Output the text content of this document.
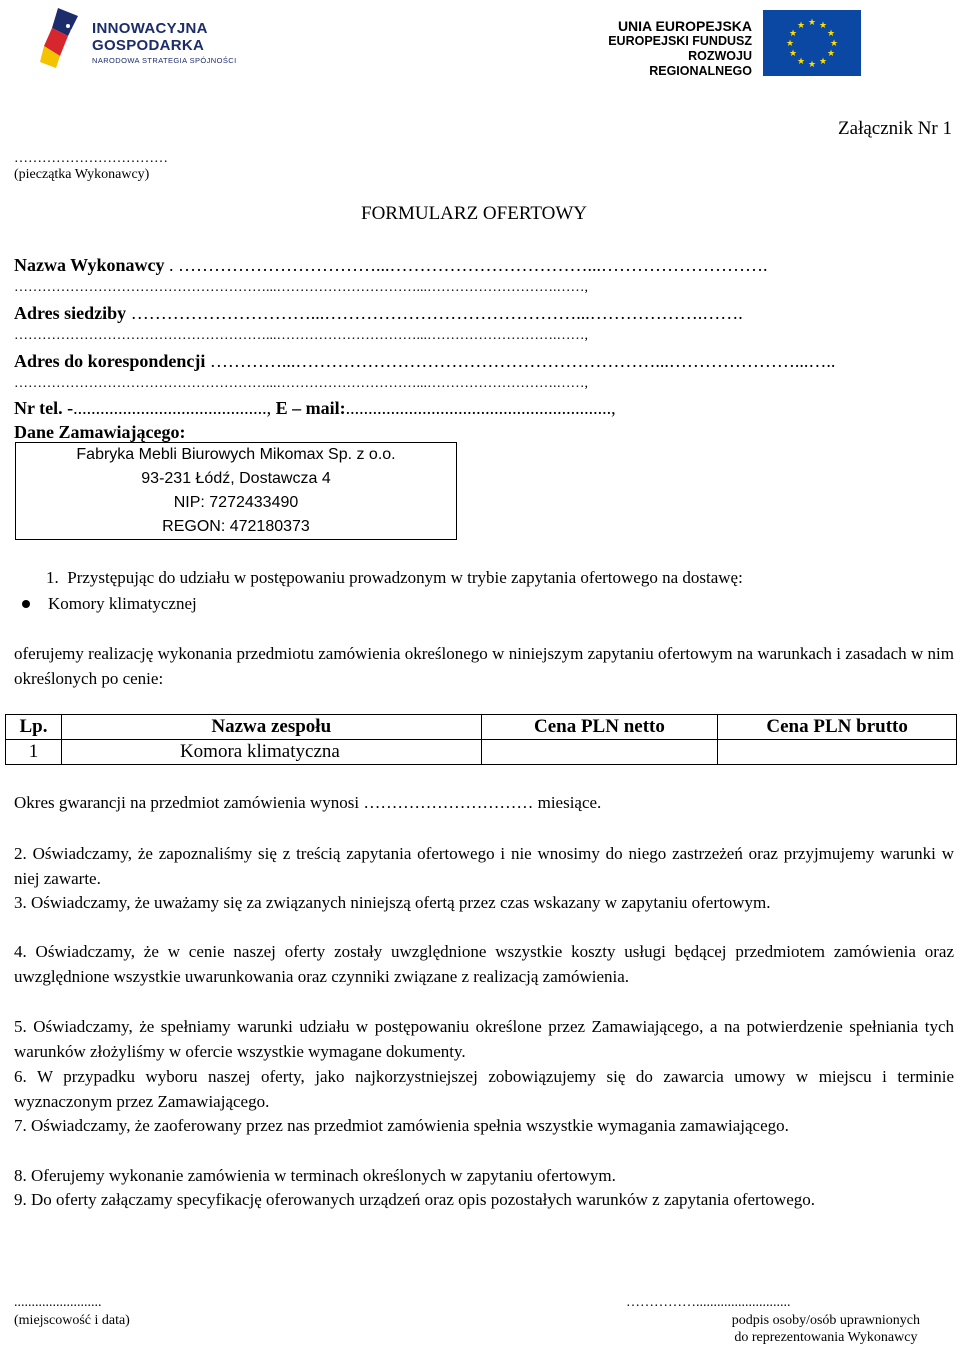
INNOWACYJNA
GOSPODARKA
NARODOWA STRATEGIA SPÓJNOŚCI
UNIA EUROPEJSKA
EUROPEJSKI FUNDUSZ
ROZWOJU REGIONALNEGO
★ ★
★
★
★
★
★
★
★
★
★
★
Załącznik Nr 1
……………………………
(pieczątka Wykonawcy)
FORMULARZ OFERTOWY
Nazwa Wykonawcy . ……………………………...……………………………...……………………….
………………………………………………...…………………………...……………………….……,
Adres siedziby …………………………...……………………………………...……………….…….
………………………………………………...…………………………...……………………….……,
Adres do korespondencji …………...……………………………………………………...…………………...…..
………………………………………………...…………………………...……………………….……,
Nr tel. -..........................................., E – mail:...........................................................,
Dane Zamawiającego:
Fabryka Mebli Biurowych Mikomax Sp. z o.o.
93-231 Łódź, Dostawcza 4
NIP: 7272433490
REGON: 472180373
1. Przystępując do udziału w postępowaniu prowadzonym w trybie zapytania ofertowego na dostawę:
Komory klimatycznej
oferujemy realizację wykonania przedmiotu zamówienia określonego w niniejszym zapytaniu ofertowym na warunkach i zasadach w nim określonych po cenie:
Lp.	Nazwa zespołu	Cena PLN netto	Cena PLN brutto
1	Komora klimatyczna		
Okres gwarancji na przedmiot zamówienia wynosi ………………………… miesiące.
2. Oświadczamy, że zapoznaliśmy się z treścią zapytania ofertowego i nie wnosimy do niego zastrzeżeń oraz przyjmujemy warunki w niej zawarte.
3. Oświadczamy, że uważamy się za związanych niniejszą ofertą przez czas wskazany w zapytaniu ofertowym.
4. Oświadczamy, że w cenie naszej oferty zostały uwzględnione wszystkie koszty usługi będącej przedmiotem zamówienia oraz uwzględnione wszystkie uwarunkowania oraz czynniki związane z realizacją zamówienia.
5. Oświadczamy, że spełniamy warunki udziału w postępowaniu określone przez Zamawiającego, a na potwierdzenie spełniania tych warunków złożyliśmy w ofercie wszystkie wymagane dokumenty.
6. W przypadku wyboru naszej oferty, jako najkorzystniejszej zobowiązujemy się do zawarcia umowy w miejscu i terminie wyznaczonym przez Zamawiającego.
7. Oświadczamy, że zaoferowany przez nas przedmiot zamówienia spełnia wszystkie wymagania zamawiającego.
8. Oferujemy wykonanie zamówienia w terminach określonych w zapytaniu ofertowym.
9. Do oferty załączamy specyfikację oferowanych urządzeń oraz opis pozostałych warunków z zapytania ofertowego.
.........................
(miejscowość i data)
……………...........................
podpis osoby/osób uprawnionych
do reprezentowania Wykonawcy
